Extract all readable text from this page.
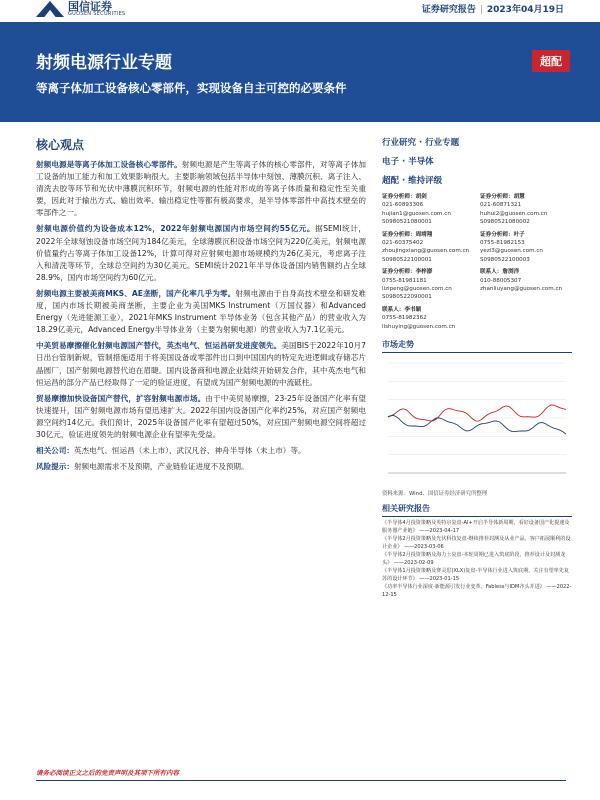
国信证券
GUOSEN SECURITIES	证券研究报告 | 2023年04月19日
射频电源行业专题
等离子体加工设备核心零部件，实现设备自主可控的必要条件
超配
核心观点
射频电源是等离子体加工设备核心零部件。射频电源是产生等离子体的核心零部件，对等离子体加工设备的加工能力和加工效果影响很大。主要影响领域包括半导体中刻蚀、薄膜沉积、离子注入、清洗去胶等环节和光伏中薄膜沉积环节，射频电源的性能对形成的等离子体质量和稳定性至关重要，因此对于输出方式、输出效率、输出稳定性等都有极高要求，是半导体零部件中高技术壁垒的零部件之一。
射频电源价值约为设备成本12%，2022年射频电源国内市场空间约55亿元。据SEMI统计，2022年全球刻蚀设备市场空间为184亿美元，全球薄膜沉积设备市场空间为220亿美元，射频电源价值量约占等离子体加工设备12%，计算可得对应射频电源市场规模约为26亿美元，考虑离子注入和清洗等环节，全球总空间约为30亿美元。SEMI统计2021年半导体设备国内销售额约占全球28.9%，国内市场空间约为60亿元。
射频电源主要被美商MKS、AE垄断，国产化率几乎为零。射频电源由于自身高技术壁垒和研发难度，国内市场长期被美商垄断，主要企业为美国MKS Instrument（万国仪器）和Advanced Energy（先进能源工业），2021年MKS Instrument 半导体业务（包含其他产品）的营业收入为18.29亿美元，Advanced Energy半导体业务（主要为射频电源）的营业收入为7.1亿美元。
中美贸易摩擦催化射频电源国产替代，英杰电气、恒运昌研发进度领先。美国BIS于2022年10月7日出台管制新规，管制措施适用于将美国设备或零部件出口到中国国内的特定先进逻辑或存储芯片晶圆厂，国产射频电源替代迫在眉睫。国内设备商和电源企业陆续开始研发合作，其中英杰电气和恒运昌的部分产品已经取得了一定的验证进度，有望成为国产射频电源的中流砥柱。
贸易摩擦加快设备国产替代，扩容射频电源市场。由于中美贸易摩擦，23-25年设备国产化率有望快速提升，国产射频电源市场有望迅速扩大。2022年国内设备国产化率约25%，对应国产射频电源空间约14亿元。我们预计，2025年设备国产化率有望超过50%，对应国产射频电源空间将超过30亿元，验证进度领先的射频电源企业有望率先受益。
相关公司：英杰电气、恒运昌（未上市）、武汉凡谷、神舟半导体（未上市）等。
风险提示：射频电源需求不及预期，产业链验证进度不及预期。
行业研究 · 行业专题
电子 · 半导体
超配 · 维持评级
证券分析师：胡剑
021-60893306
hujian1@guosen.com.cn
S0980521080001
证券分析师：胡慧
021-60871321
huhui2@guosen.com.cn
S0980521080002
证券分析师：周靖翔
021-60375402
zhoujingxiang@guosen.com.cn
S0980522100001
证券分析师：叶子
0755-81982153
yezi3@guosen.com.cn
S0980522100003
证券分析师：李梓澎
0755-81981181
lizipeng@guosen.com.cn
S0980522090001
联系人：詹浏洋
010-88005307
zhanliuyang@guosen.com.cn
联系人：李书颖
0755-81982362
lishuying@guosen.com.cn
市场走势
资料来源：Wind、国信证券经济研究所整理
相关研究报告
《半导体4月投资策略及英特尔复盘-AI+开启半导体新周期，看好设备国产化提速及服务器产业链》 ——2023-04-17
《半导体2月投资策略及光伏科技复盘-继续推荐封测及从业产品，客户拓展顺利的设计企业》 ——2023-03-06
《半导体2月投资策略及海力士复盘-本轮周期已进入筑底阶段，推荐设计及封测龙头》 ——2023-02-09
《半导体1月投资策略及赛灵思(XLX)复盘-半导体行业进入筑底期，关注有望率先复苏的设计环节》 ——2023-01-15
《功率半导体行业深度-新能源引发行业变革，Fabless与IDM齐头并进》 ——2022-12-15
请务必阅读正文之后的免责声明及其项下所有内容
